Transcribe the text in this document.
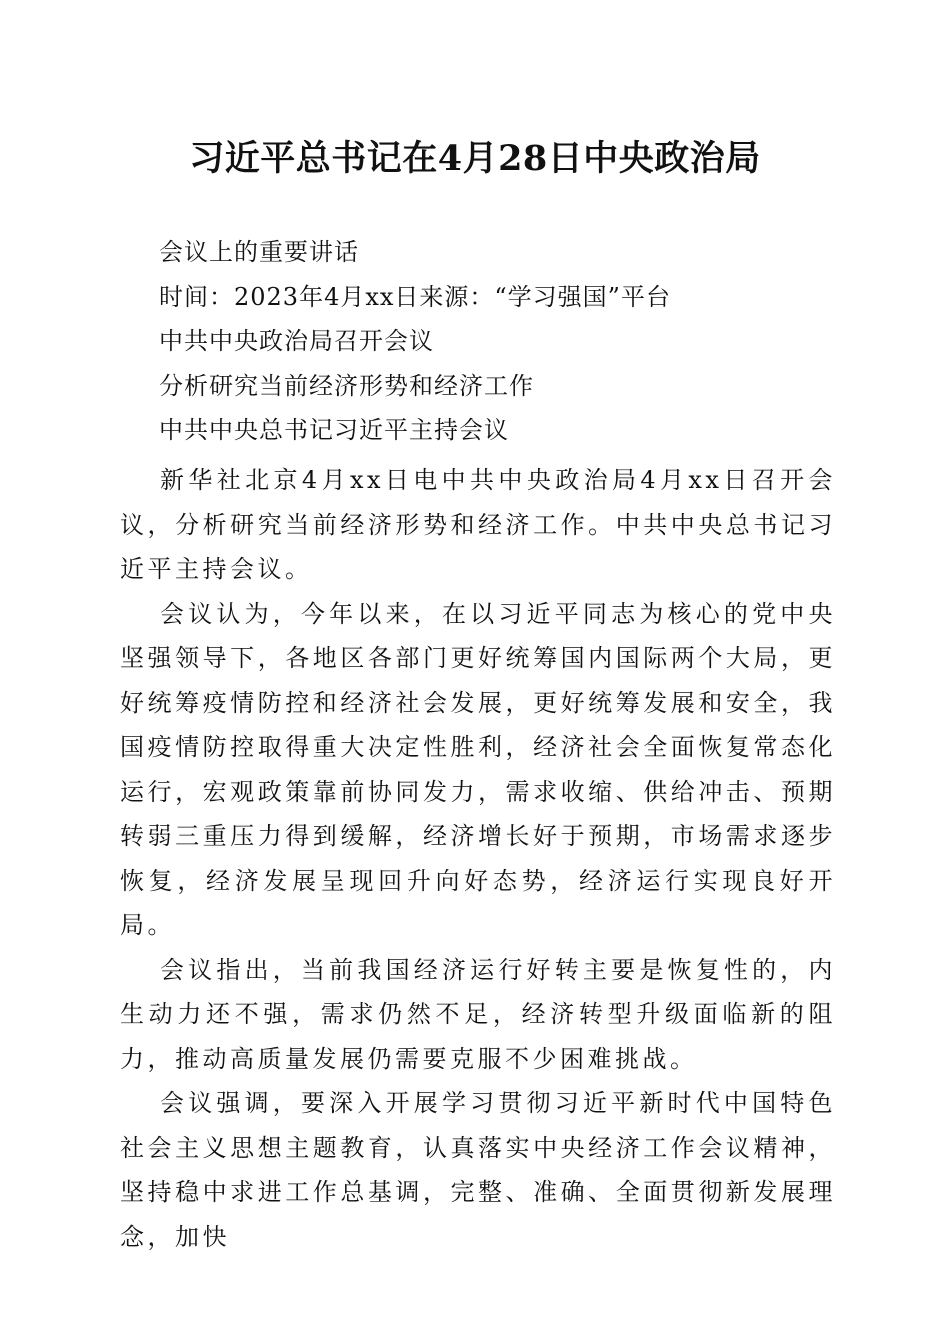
习近平总书记在4月28日中央政治局
会议上的重要讲话
时间：2023年4月xx日来源：“学习强国”平台
中共中央政治局召开会议
分析研究当前经济形势和经济工作
中共中央总书记习近平主持会议

新华社北京4月xx日电中共中央政治局4月xx日召开会议，分析研究当前经济形势和经济工作。中共中央总书记习近平主持会议。

会议认为，今年以来，在以习近平同志为核心的党中央坚强领导下，各地区各部门更好统筹国内国际两个大局，更好统筹疫情防控和经济社会发展，更好统筹发展和安全，我国疫情防控取得重大决定性胜利，经济社会全面恢复常态化运行，宏观政策靠前协同发力，需求收缩、供给冲击、预期转弱三重压力得到缓解，经济增长好于预期，市场需求逐步恢复，经济发展呈现回升向好态势，经济运行实现良好开局。

会议指出，当前我国经济运行好转主要是恢复性的，内生动力还不强，需求仍然不足，经济转型升级面临新的阻力，推动高质量发展仍需要克服不少困难挑战。

会议强调，要深入开展学习贯彻习近平新时代中国特色社会主义思想主题教育，认真落实中央经济工作会议精神，坚持稳中求进工作总基调，完整、准确、全面贯彻新发展理念，加快
